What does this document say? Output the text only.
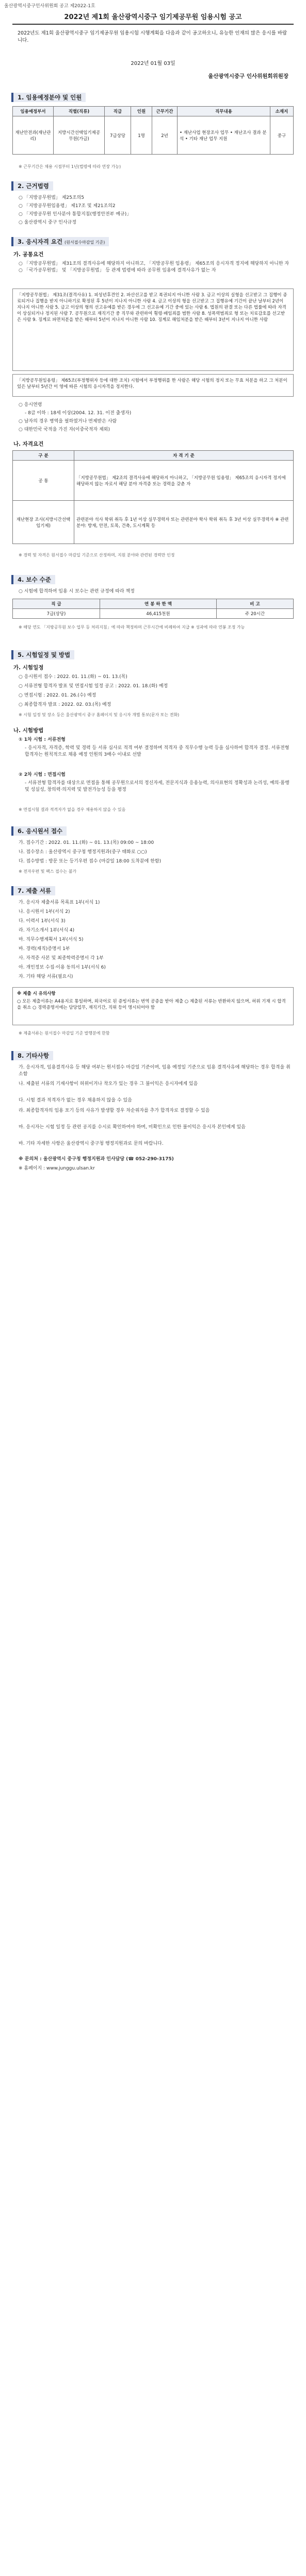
울산광역시중구인사위원회 공고 제2022-1호
2022년 제1회 울산광역시중구 임기제공무원 임용시험 공고
2022년도 제1회 울산광역시중구 임기제공무원 임용시험 시행계획을 다음과 같이 공고하오니, 유능한 인재의 많은 응시를 바랍니다.
2022년 01월 03일
울산광역시중구 인사위원회위원장
1. 임용예정분야 및 인원
임용예정부서	직렬(직류)	직급	인원	근무기간	직무내용	소재지
재난안전과(재난관리)	지방시간선택임기제공무원(가급)	7급상당	1명	2년	• 재난사업 현장조사 업무 • 재난조사 결과 분석 • 기타 재난 업무 지원	중구
※ 근무기간은 채용 시점부터 1년(법령에 따라 연장 가능)
2. 근거법령
○ 「지방공무원법」 제25조의5
○ 「지방공무원임용령」 제17조 및 제21조의2
○ 「지방공무원 인사분야 통합지침(행정안전부 예규)」
○ 울산광역시 중구 인사규정
3. 응시자격 요건 (원서접수마감일 기준)
가. 공통요건
○ 「지방공무원법」 제31조의 결격사유에 해당하지 아니하고, 「지방공무원 임용령」 제65조의 응시자격 정지에 해당하지 아니한 자 ○ 「국가공무원법」 및 「지방공무원법」 등 관계 법령에 따라 공무원 임용에 결격사유가 없는 자
「지방공무원법」 제31조(결격사유) 1. 피성년후견인 2. 파산선고를 받고 복권되지 아니한 사람 3. 금고 이상의 실형을 선고받고 그 집행이 종료되거나 집행을 받지 아니하기로 확정된 후 5년이 지나지 아니한 사람 4. 금고 이상의 형을 선고받고 그 집행유예 기간이 끝난 날부터 2년이 지나지 아니한 사람 5. 금고 이상의 형의 선고유예를 받은 경우에 그 선고유예 기간 중에 있는 사람 6. 법원의 판결 또는 다른 법률에 따라 자격이 상실되거나 정지된 사람 7. 공무원으로 재직기간 중 직무와 관련하여 횡령·배임죄를 범한 사람 8. 성폭력범죄로 형 또는 치료감호를 선고받은 사람 9. 징계로 파면처분을 받은 때부터 5년이 지나지 아니한 사람 10. 징계로 해임처분을 받은 때부터 3년이 지나지 아니한 사람
「지방공무원임용령」 제65조(부정행위자 등에 대한 조치) 시험에서 부정행위를 한 사람은 해당 시험의 정지 또는 무효 처분을 하고 그 처분이 있은 날부터 5년간 이 영에 따른 시험의 응시자격을 정지한다.
○ 응시연령
- 8급 이하 : 18세 이상(2004. 12. 31. 이전 출생자)
○ 남자의 경우 병역을 필하였거나 면제받은 사람
○ 대한민국 국적을 가진 자(이중국적자 제외)
나. 자격요건
구 분	자 격 기 준
공 통	「지방공무원법」 제2조의 결격사유에 해당하지 아니하고, 「지방공무원 임용령」 제65조의 응시자격 정지에 해당하지 않는 자로서 해당 분야 자격증 또는 경력을 갖춘 자
재난현장 조사(지방시간선택임기제)	관련분야 석사 학위 취득 후 1년 이상 실무경력자 또는 관련분야 학사 학위 취득 후 3년 이상 실무경력자 ※ 관련분야: 방재, 안전, 토목, 건축, 도시계획 등
※ 경력 및 자격은 원서접수 마감일 기준으로 산정하며, 지원 분야와 관련된 경력만 인정
4. 보수 수준
○ 시험에 합격하여 임용 시 보수는 관련 규정에 따라 책정
직 급	연 봉 하 한 액	비 고
7급(상당)	46,415천원	주 20시간
※ 해당 연도 「지방공무원 보수 업무 등 처리지침」에 따라 책정하며 근무시간에 비례하여 지급 ※ 성과에 따라 연봉 조정 가능
5. 시험일정 및 방법
가. 시험일정
○ 응시원서 접수 : 2022. 01. 11.(화) ~ 01. 13.(목)
○ 서류전형 합격자 발표 및 면접시험 일정 공고 : 2022. 01. 18.(화) 예정
○ 면접시험 : 2022. 01. 26.(수) 예정
○ 최종합격자 발표 : 2022. 02. 03.(목) 예정
※ 시험 일정 및 장소 등은 울산광역시 중구 홈페이지 및 응시자 개별 통보(문자 또는 전화)
나. 시험방법
① 1차 시험 : 서류전형
- 응시자격, 자격증, 학력 및 경력 등 서류 심사로 적격 여부 결정하며 적격자 중 직무수행 능력 등을 심사하여 합격자 결정. 서류전형 합격자는 원칙적으로 채용 예정 인원의 3배수 이내로 선발
② 2차 시험 : 면접시험
- 서류전형 합격자를 대상으로 면접을 통해 공무원으로서의 정신자세, 전문지식과 응용능력, 의사표현의 정확성과 논리성, 예의·품행 및 성실성, 창의력·의지력 및 발전가능성 등을 평정
※ 면접시험 결과 적격자가 없을 경우 채용하지 않을 수 있음
6. 응시원서 접수
가. 접수기간 : 2022. 01. 11.(화) ~ 01. 13.(목) 09:00 ~ 18:00
나. 접수장소 : 울산광역시 중구청 행정지원과(중구 태화로 ○○)
다. 접수방법 : 방문 또는 등기우편 접수 (마감일 18:00 도착분에 한함)
※ 전자우편 및 팩스 접수는 불가
7. 제출 서류
가. 응시자 제출서류 목록표 1부(서식 1)
나. 응시원서 1부(서식 2)
다. 이력서 1부(서식 3)
라. 자기소개서 1부(서식 4)
마. 직무수행계획서 1부(서식 5)
바. 경력(재직)증명서 1부
사. 자격증 사본 및 최종학력증명서 각 1부
아. 개인정보 수집·이용 동의서 1부(서식 6)
자. 기타 해당 서류(필요시)
※ 제출 시 유의사항
○ 모든 제출서류는 A4용지로 통일하며, 외국어로 된 증빙서류는 번역 공증을 받아 제출 ○ 제출된 서류는 반환하지 않으며, 허위 기재 시 합격을 취소 ○ 경력증명서에는 담당업무, 재직기간, 직위 등이 명시되어야 함
※ 제출서류는 원서접수 마감일 기준 발행분에 한함
8. 기타사항
가. 응시자격, 임용결격사유 등 해당 여부는 원서접수 마감일 기준이며, 임용 예정일 기준으로 임용 결격사유에 해당하는 경우 합격을 취소함
나. 제출된 서류의 기재사항이 허위이거나 착오가 있는 경우 그 불이익은 응시자에게 있음
다. 시험 결과 적격자가 없는 경우 채용하지 않을 수 있음
라. 최종합격자의 임용 포기 등의 사유가 발생할 경우 차순위자를 추가 합격자로 결정할 수 있음
마. 응시자는 시험 일정 등 관련 공지를 수시로 확인하여야 하며, 미확인으로 인한 불이익은 응시자 본인에게 있음
바. 기타 자세한 사항은 울산광역시 중구청 행정지원과로 문의 바랍니다.
※ 문의처 : 울산광역시 중구청 행정지원과 인사담당 (☎ 052-290-3175)
※ 홈페이지 : www.junggu.ulsan.kr
